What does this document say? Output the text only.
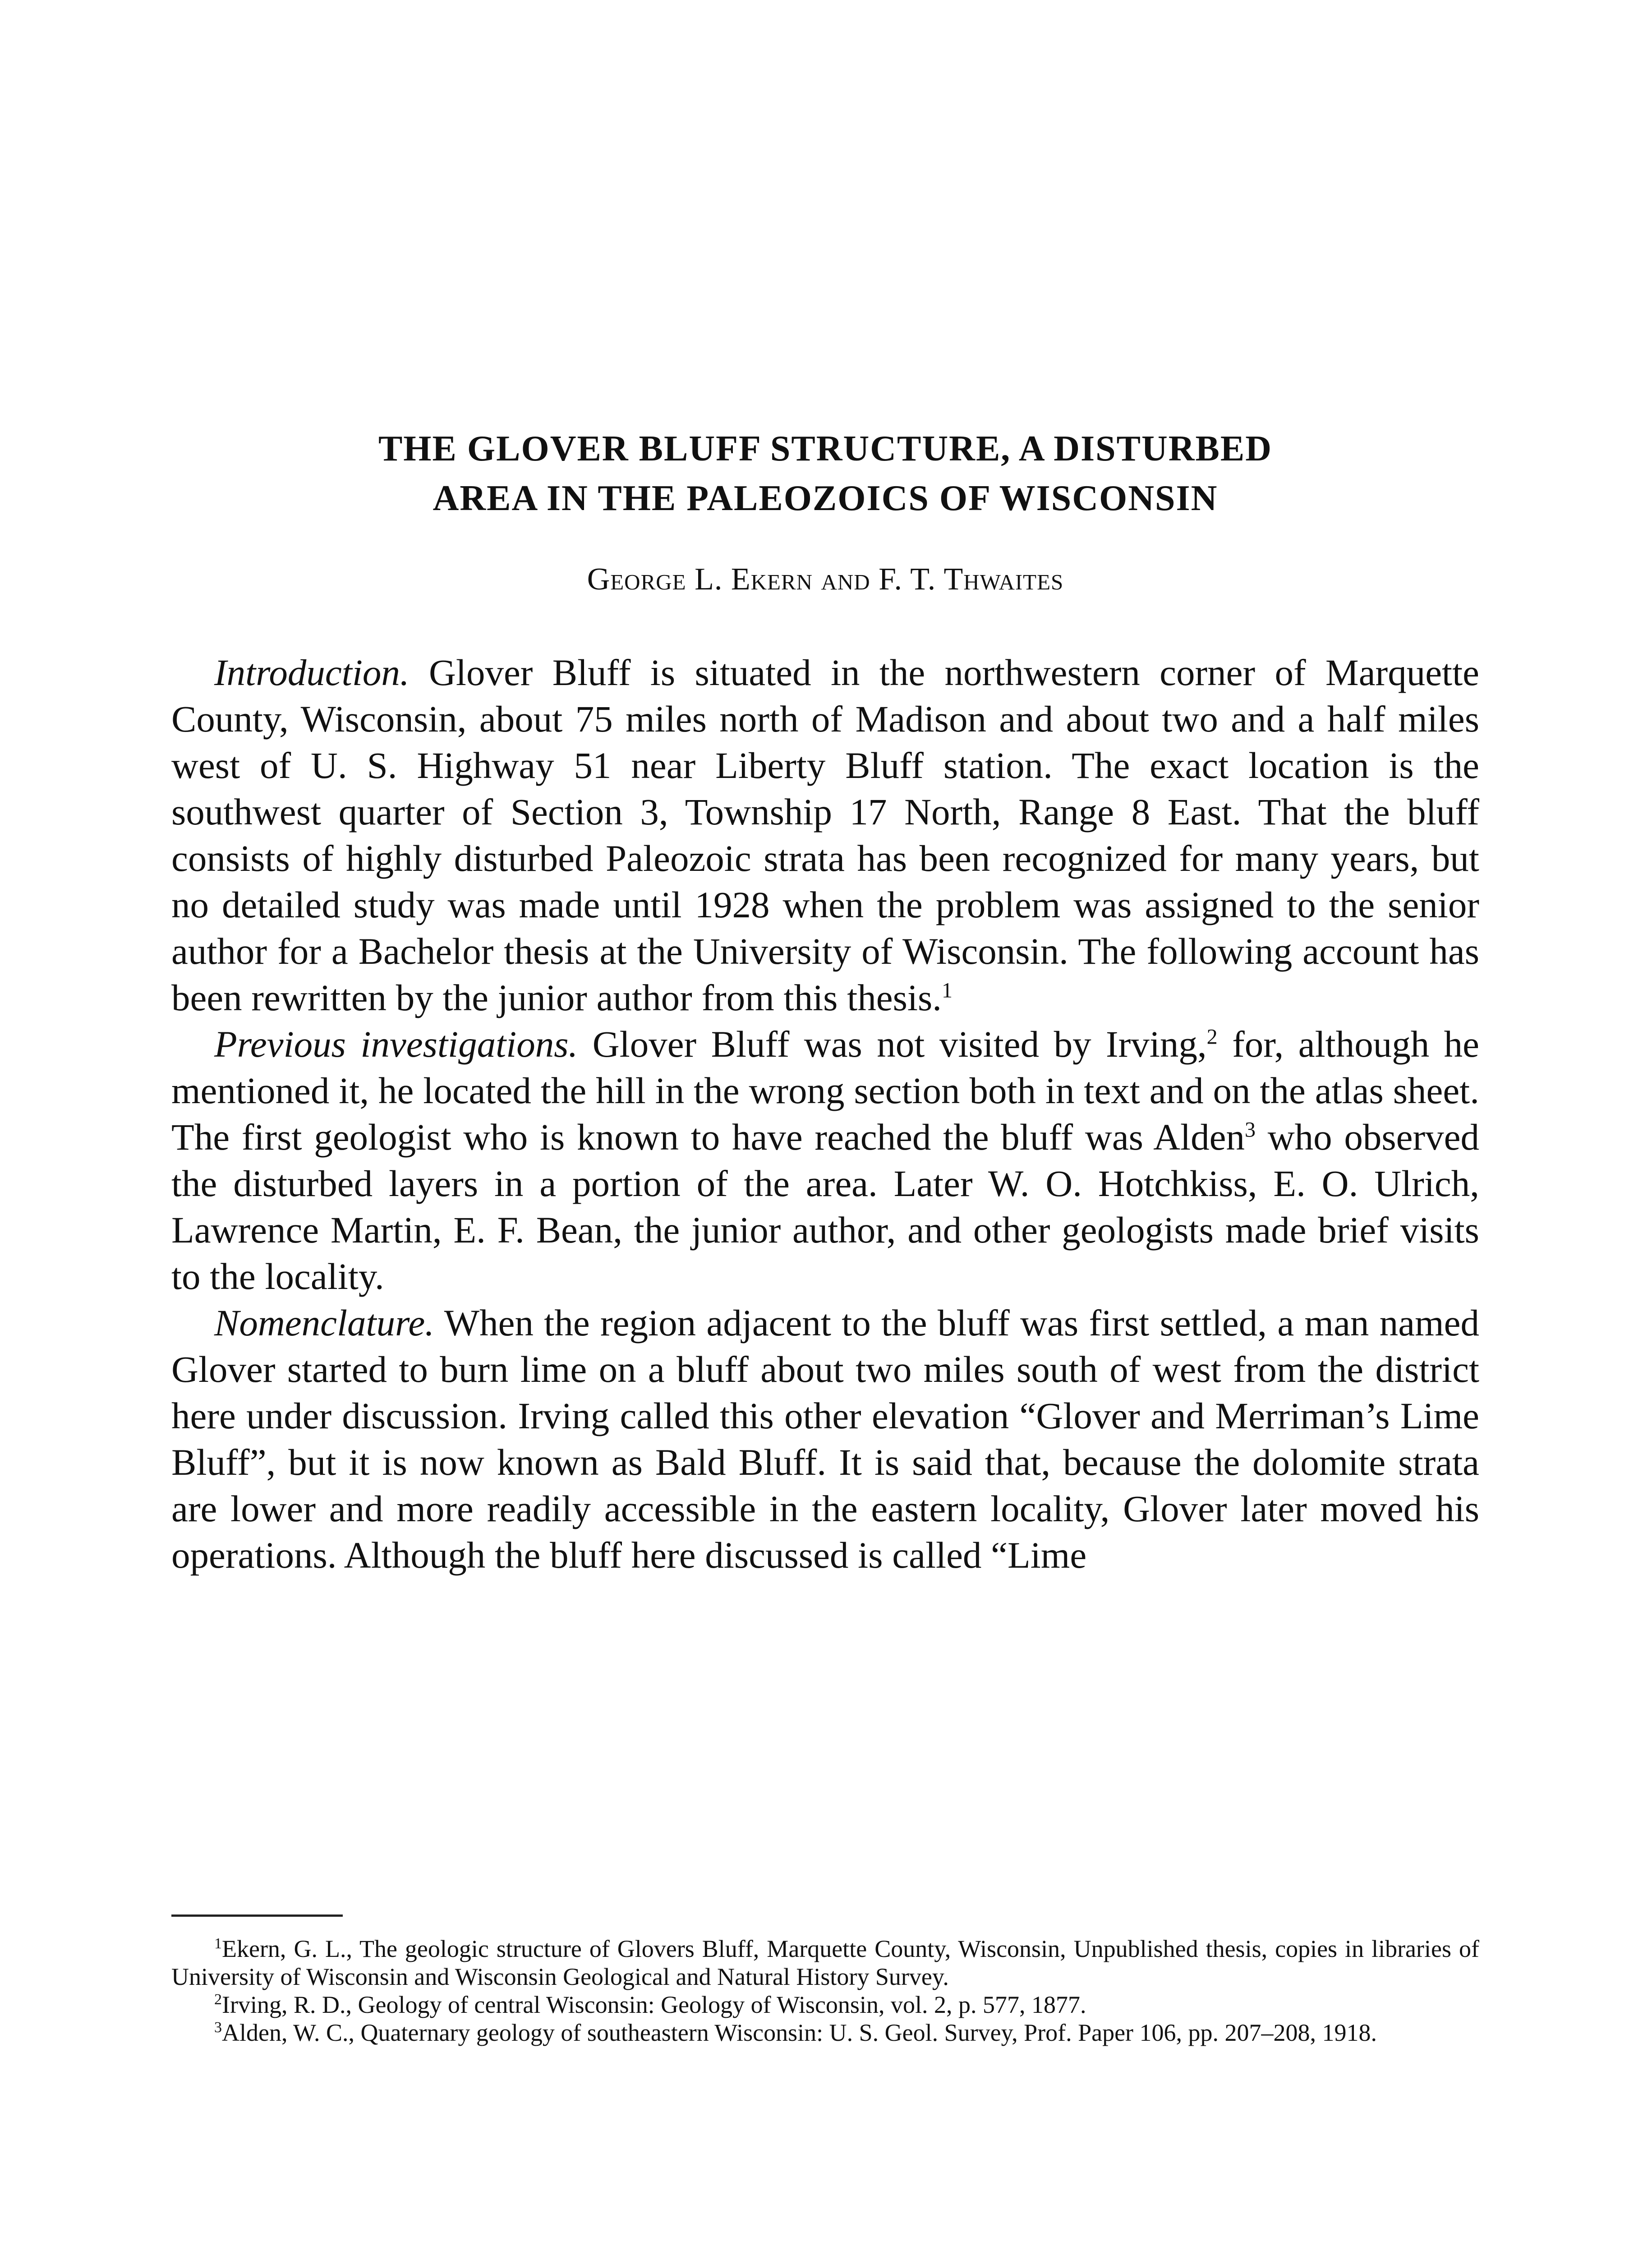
THE GLOVER BLUFF STRUCTURE, A DISTURBED
AREA IN THE PALEOZOICS OF WISCONSIN

George L. Ekern and F. T. Thwaites

Introduction. Glover Bluff is situated in the northwestern corner of Marquette County, Wisconsin, about 75 miles north of Madison and about two and a half miles west of U. S. Highway 51 near Liberty Bluff station. The exact location is the southwest quarter of Section 3, Township 17 North, Range 8 East. That the bluff consists of highly disturbed Paleozoic strata has been recognized for many years, but no detailed study was made until 1928 when the problem was assigned to the senior author for a Bachelor thesis at the University of Wisconsin. The following account has been rewritten by the junior author from this thesis.$^1$

Previous investigations. Glover Bluff was not visited by Irving,$^2$ for, although he mentioned it, he located the hill in the wrong section both in text and on the atlas sheet. The first geologist who is known to have reached the bluff was Alden$^3$ who observed the disturbed layers in a portion of the area. Later W. O. Hotchkiss, E. O. Ulrich, Lawrence Martin, E. F. Bean, the junior author, and other geologists made brief visits to the locality.

Nomenclature. When the region adjacent to the bluff was first settled, a man named Glover started to burn lime on a bluff about two miles south of west from the district here under discussion. Irving called this other elevation “Glover and Merriman’s Lime Bluff”, but it is now known as Bald Bluff. It is said that, because the dolomite strata are lower and more readily accessible in the eastern locality, Glover later moved his operations. Although the bluff here discussed is called “Lime

$^1$Ekern, G. L., The geologic structure of Glovers Bluff, Marquette County, Wisconsin, Unpublished thesis, copies in libraries of University of Wisconsin and Wisconsin Geological and Natural History Survey.

$^2$Irving, R. D., Geology of central Wisconsin: Geology of Wisconsin, vol. 2, p. 577, 1877.

$^3$Alden, W. C., Quaternary geology of southeastern Wisconsin: U. S. Geol. Survey, Prof. Paper 106, pp. 207–208, 1918.
